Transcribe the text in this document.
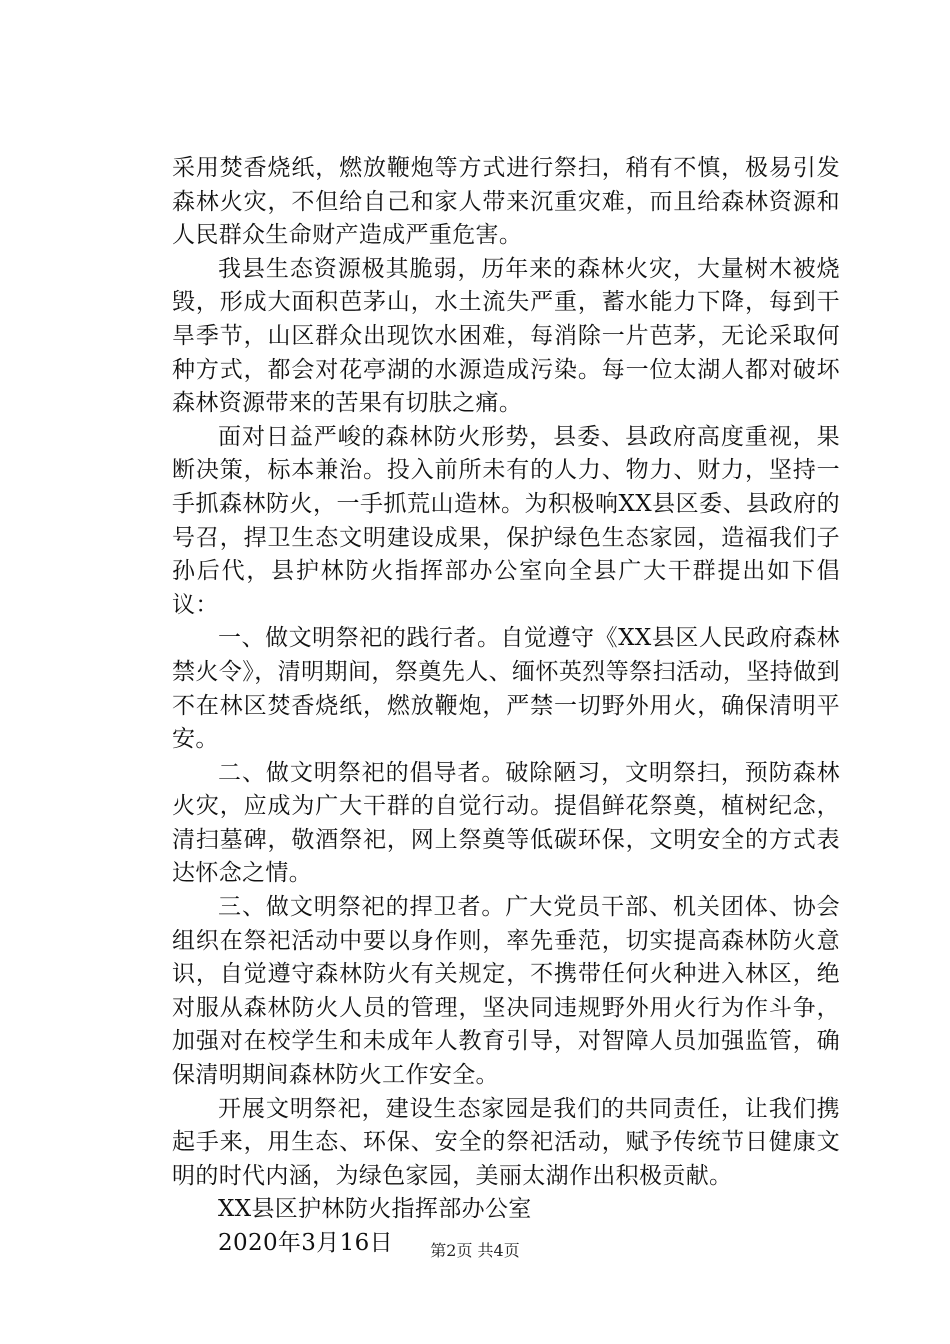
采用焚香烧纸，燃放鞭炮等方式进行祭扫，稍有不慎，极易引发森林火灾，不但给自己和家人带来沉重灾难，而且给森林资源和人民群众生命财产造成严重危害。

我县生态资源极其脆弱，历年来的森林火灾，大量树木被烧毁，形成大面积芭茅山，水土流失严重，蓄水能力下降，每到干旱季节，山区群众出现饮水困难，每消除一片芭茅，无论采取何种方式，都会对花亭湖的水源造成污染。每一位太湖人都对破坏森林资源带来的苦果有切肤之痛。

面对日益严峻的森林防火形势，县委、县政府高度重视，果断决策，标本兼治。投入前所未有的人力、物力、财力，坚持一手抓森林防火，一手抓荒山造林。为积极响XX县区委、县政府的号召，捍卫生态文明建设成果，保护绿色生态家园，造福我们子孙后代，县护林防火指挥部办公室向全县广大干群提出如下倡议：

一、做文明祭祀的践行者。自觉遵守《XX县区人民政府森林禁火令》，清明期间，祭奠先人、缅怀英烈等祭扫活动，坚持做到不在林区焚香烧纸，燃放鞭炮，严禁一切野外用火，确保清明平安。

二、做文明祭祀的倡导者。破除陋习，文明祭扫，预防森林火灾，应成为广大干群的自觉行动。提倡鲜花祭奠，植树纪念，清扫墓碑，敬酒祭祀，网上祭奠等低碳环保，文明安全的方式表达怀念之情。

三、做文明祭祀的捍卫者。广大党员干部、机关团体、协会组织在祭祀活动中要以身作则，率先垂范，切实提高森林防火意识，自觉遵守森林防火有关规定，不携带任何火种进入林区，绝对服从森林防火人员的管理，坚决同违规野外用火行为作斗争，加强对在校学生和未成年人教育引导，对智障人员加强监管，确保清明期间森林防火工作安全。

开展文明祭祀，建设生态家园是我们的共同责任，让我们携起手来，用生态、环保、安全的祭祀活动，赋予传统节日健康文明的时代内涵，为绿色家园，美丽太湖作出积极贡献。

XX县区护林防火指挥部办公室

2020年3月16日	第2页 共4页
